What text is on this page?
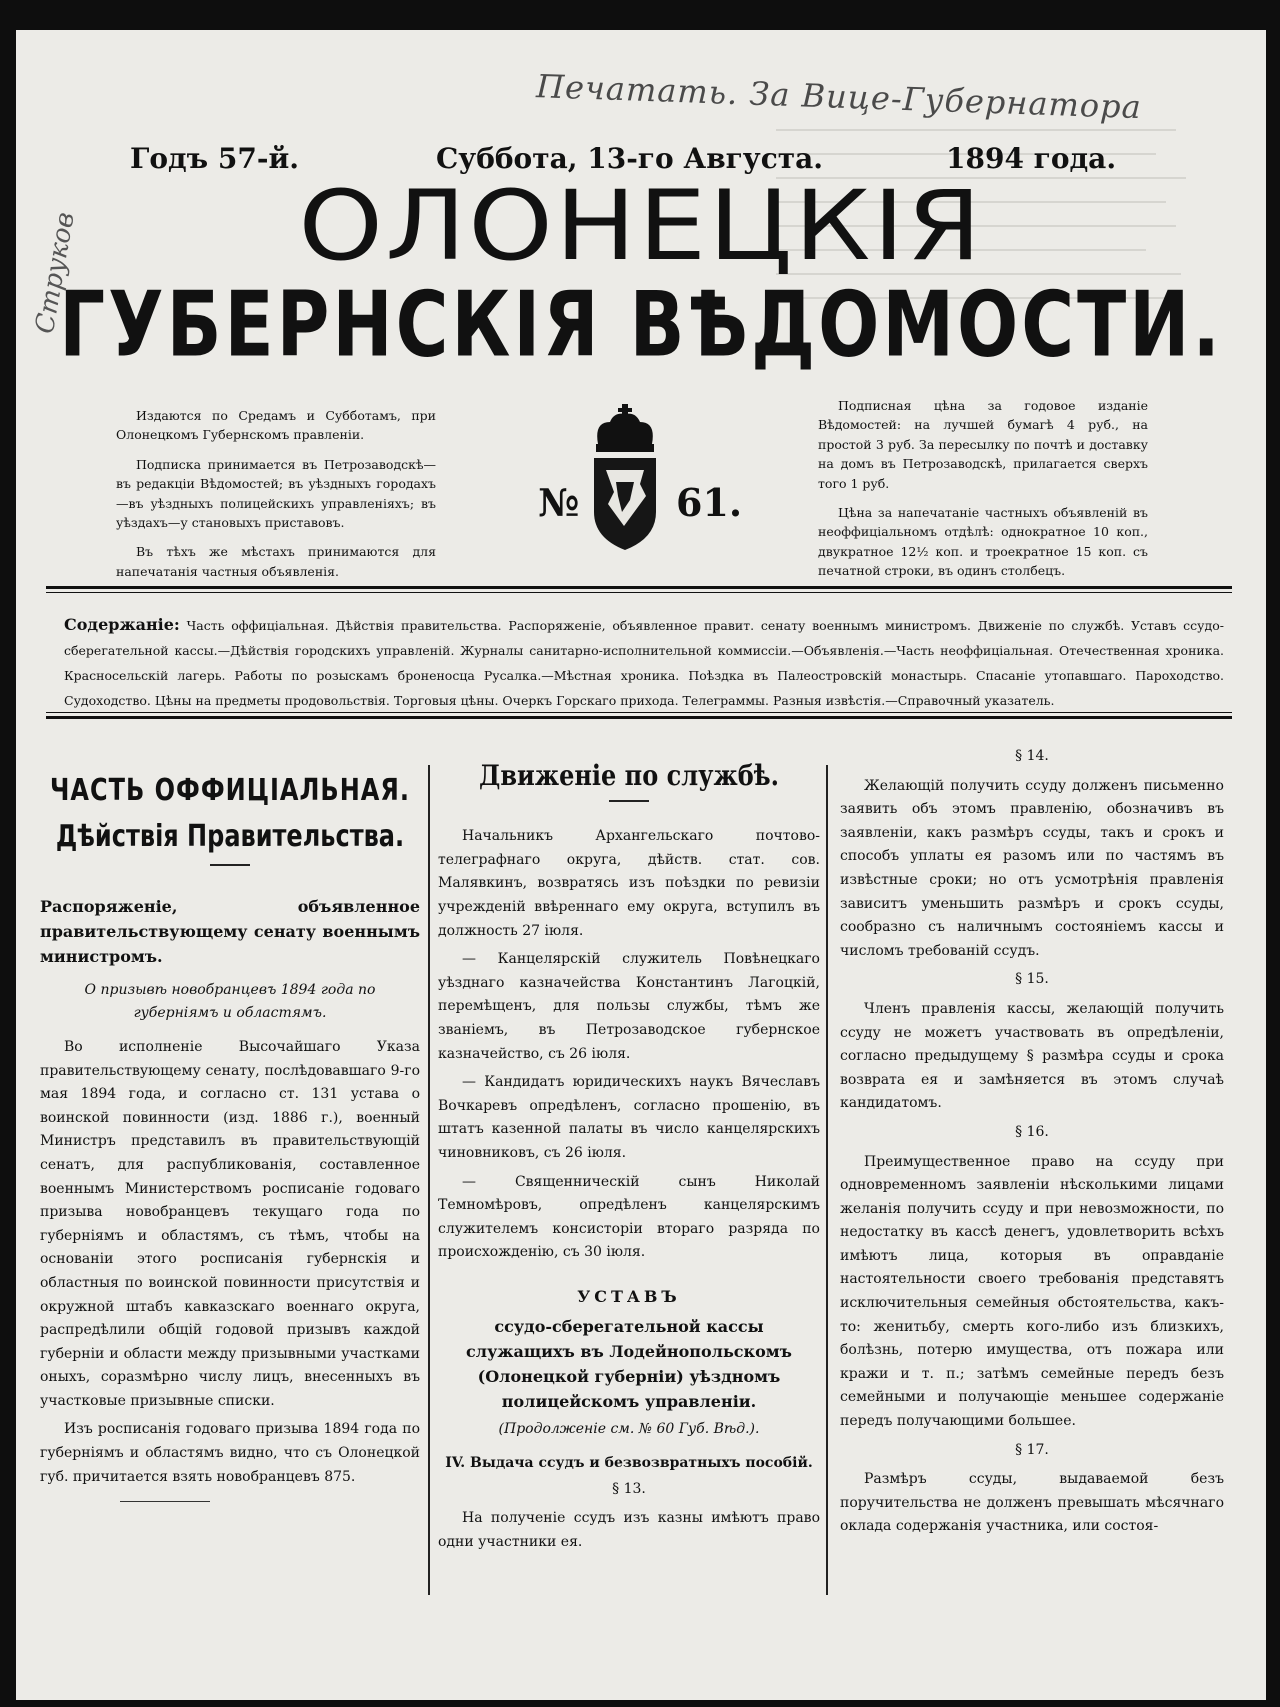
Печатать. За Вице-Губернатора
Струков
Годъ 57-й.	Суббота, 13-го Августа.	1894 года.
ОЛОНЕЦКІЯ
ГУБЕРНСКІЯ ВѢДОМОСТИ.

Издаются по Средамъ и Субботамъ, при Олонецкомъ Губернскомъ правленіи.

Подписка принимается въ Петрозаводскѣ—въ редакціи Вѣдомостей; въ уѣздныхъ городахъ—въ уѣздныхъ полицейскихъ управленіяхъ; въ уѣздахъ—у становыхъ приставовъ.

Въ тѣхъ же мѣстахъ принимаются для напечатанія частныя объявленія.

№	61.

Подписная цѣна за годовое изданіе Вѣдомостей: на лучшей бумагѣ 4 руб., на простой 3 руб. За пересылку по почтѣ и доставку на домъ въ Петрозаводскѣ, прилагается сверхъ того 1 руб.

Цѣна за напечатаніе частныхъ объявленій въ неоффиціальномъ отдѣлѣ: однократное 10 коп., двукратное 12½ коп. и троекратное 15 коп. съ печатной строки, въ одинъ столбецъ.

Содержаніе: Часть оффиціальная. Дѣйствія правительства. Распоряженіе, объявленное правит. сенату военнымъ министромъ. Движеніе по службѣ. Уставъ ссудо-сберегательной кассы.—Дѣйствія городскихъ управленій. Журналы санитарно-исполнительной коммиссіи.—Объявленія.—Часть неоффиціальная. Отечественная хроника. Красносельскій лагерь. Работы по розыскамъ броненосца Русалка.—Мѣстная хроника. Поѣздка въ Палеостровскій монастырь. Спасаніе утопавшаго. Пароходство. Судоходство. Цѣны на предметы продовольствія. Торговыя цѣны. Очеркъ Горскаго прихода. Телеграммы. Разныя извѣстія.—Справочный указатель.
ЧАСТЬ ОФФИЦІАЛЬНАЯ.
Дѣйствія Правительства.
Распоряженіе, объявленное правительствующему сенату военнымъ министромъ.
О призывѣ новобранцевъ 1894 года по губерніямъ и областямъ.

Во исполненіе Высочайшаго Указа правительствующему сенату, послѣдовавшаго 9-го мая 1894 года, и согласно ст. 131 устава о воинской повинности (изд. 1886 г.), военный Министръ представилъ въ правительствующій сенатъ, для распубликованія, составленное военнымъ Министерствомъ росписаніе годоваго призыва новобранцевъ текущаго года по губерніямъ и областямъ, съ тѣмъ, чтобы на основаніи этого росписанія губернскія и областныя по воинской повинности присутствія и окружной штабъ кавказскаго военнаго округа, распредѣлили общій годовой призывъ каждой губерніи и области между призывными участками оныхъ, соразмѣрно числу лицъ, внесенныхъ въ участковые призывные списки.

Изъ росписанія годоваго призыва 1894 года по губерніямъ и областямъ видно, что съ Олонецкой губ. причитается взять новобранцевъ 875.

Движеніе по службѣ.

Начальникъ Архангельскаго почтово-телеграфнаго округа, дѣйств. стат. сов. Малявкинъ, возвратясь изъ поѣздки по ревизіи учрежденій ввѣреннаго ему округа, вступилъ въ должность 27 іюля.

— Канцелярскій служитель Повѣнецкаго уѣзднаго казначейства Константинъ Лагоцкій, перемѣщенъ, для пользы службы, тѣмъ же званіемъ, въ Петрозаводское губернское казначейство, съ 26 іюля.

— Кандидатъ юридическихъ наукъ Вячеславъ Вочкаревъ опредѣленъ, согласно прошенію, въ штатъ казенной палаты въ число канцелярскихъ чиновниковъ, съ 26 іюля.

— Священническій сынъ Николай Темномѣровъ, опредѣленъ канцелярскимъ служителемъ консисторіи втораго разряда по происхожденію, съ 30 іюля.

УСТАВЪ
ссудо-сберегательной кассы служащихъ въ Лодейнопольскомъ (Олонецкой губерніи) уѣздномъ полицейскомъ управленіи.
(Продолженіе см. № 60 Губ. Вѣд.).
IV. Выдача ссудъ и безвозвратныхъ пособій.
§ 13.

На полученіе ссудъ изъ казны имѣютъ право одни участники ея.

§ 14.

Желающій получить ссуду долженъ письменно заявить объ этомъ правленію, обозначивъ въ заявленіи, какъ размѣръ ссуды, такъ и срокъ и способъ уплаты ея разомъ или по частямъ въ извѣстные сроки; но отъ усмотрѣнія правленія зависитъ уменьшить размѣръ и срокъ ссуды, сообразно съ наличнымъ состояніемъ кассы и числомъ требованій ссудъ.

§ 15.

Членъ правленія кассы, желающій получить ссуду не можетъ участвовать въ опредѣленіи, согласно предыдущему § размѣра ссуды и срока возврата ея и замѣняется въ этомъ случаѣ кандидатомъ.

§ 16.

Преимущественное право на ссуду при одновременномъ заявленіи нѣсколькими лицами желанія получить ссуду и при невозможности, по недостатку въ кассѣ денегъ, удовлетворить всѣхъ имѣютъ лица, которыя въ оправданіе настоятельности своего требованія представятъ исключительныя семейныя обстоятельства, какъ-то: женитьбу, смерть кого-либо изъ близкихъ, болѣзнь, потерю имущества, отъ пожара или кражи и т. п.; затѣмъ семейные передъ безъ семейными и получающіе меньшее содержаніе передъ получающими большее.

§ 17.

Размѣръ ссуды, выдаваемой безъ поручительства не долженъ превышать мѣсячнаго оклада содержанія участника, или состоя-
